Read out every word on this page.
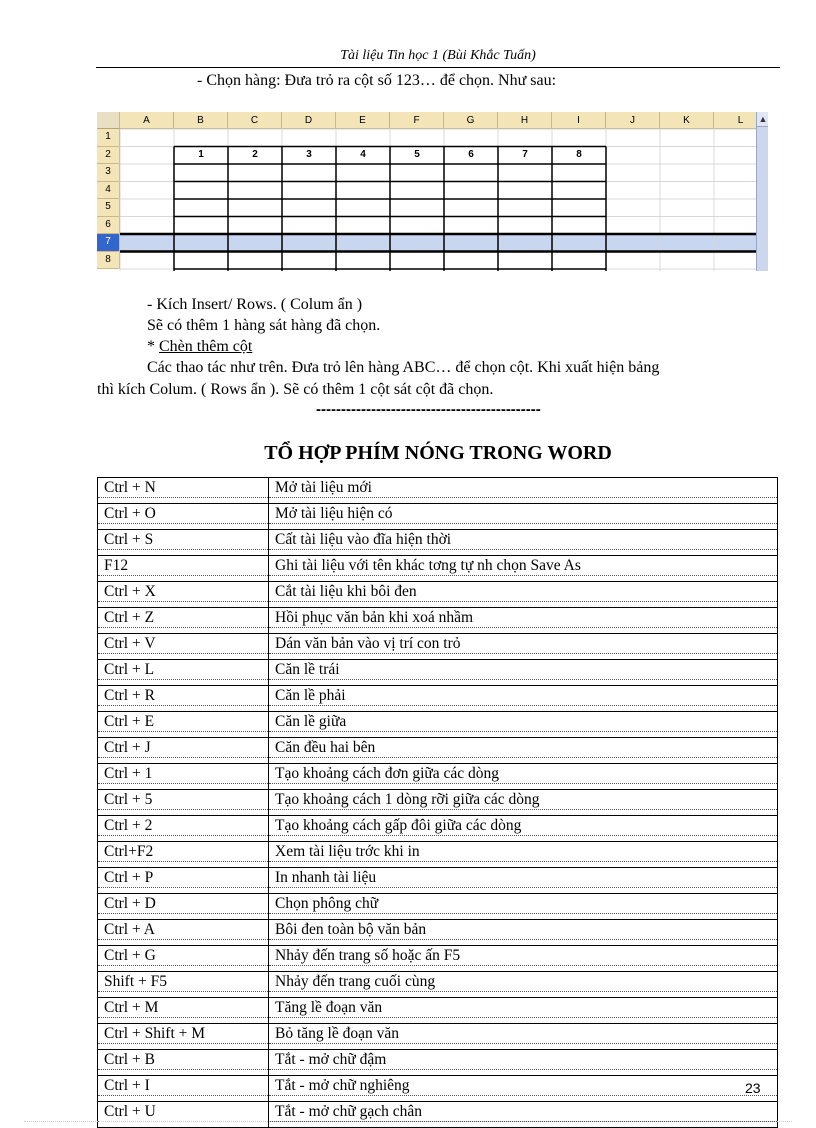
Tài liệu Tin học 1 (Bùi Khắc Tuấn)
- Chọn hàng: Đưa trỏ ra cột số 123… để chọn. Như sau:
A	B	C	D	E	F	G	H	I	J	K	L
1
2
3
4
5
6
7
8
1	2	3	4	5	6	7	8
▲
- Kích Insert/ Rows. ( Colum ẩn )
Sẽ có thêm 1 hàng sát hàng đã chọn.
* Chèn thêm cột
Các thao tác như trên. Đưa trỏ lên hàng ABC… để chọn cột. Khi xuất hiện bảng
thì kích Colum. ( Rows ẩn ). Sẽ có thêm 1 cột sát cột đã chọn.
---------------------------------------------
TỔ HỢP PHÍM NÓNG TRONG WORD
Ctrl + N	Mở tài liệu mới
Ctrl + O	Mở tài liệu hiện có
Ctrl + S	Cất tài liệu vào đĩa hiện thời
F12	Ghi tài liệu với tên khác tơng tự nh chọn Save As
Ctrl + X	Cắt tài liệu khi bôi đen
Ctrl + Z	Hồi phục văn bản khi xoá nhầm
Ctrl + V	Dán văn bản vào vị trí con trỏ
Ctrl + L	Căn lề trái
Ctrl + R	Căn lề phải
Ctrl + E	Căn lề giữa
Ctrl + J	Căn đều hai bên
Ctrl + 1	Tạo khoảng cách đơn giữa các dòng
Ctrl + 5	Tạo khoảng cách 1 dòng rỡi giữa các dòng
Ctrl + 2	Tạo khoảng cách gấp đôi giữa các dòng
Ctrl+F2	Xem tài liệu trớc khi in
Ctrl + P	In nhanh tài liệu
Ctrl + D	Chọn phông chữ
Ctrl + A	Bôi đen toàn bộ văn bản
Ctrl + G	Nhảy đến trang số hoặc ấn F5
Shift + F5	Nhảy đến trang cuối cùng
Ctrl + M	Tăng lề đoạn văn
Ctrl + Shift + M	Bỏ tăng lề đoạn văn
Ctrl + B	Tắt - mở chữ đậm
Ctrl + I	Tắt - mở chữ nghiêng
Ctrl + U	Tắt - mở chữ gạch chân
23
